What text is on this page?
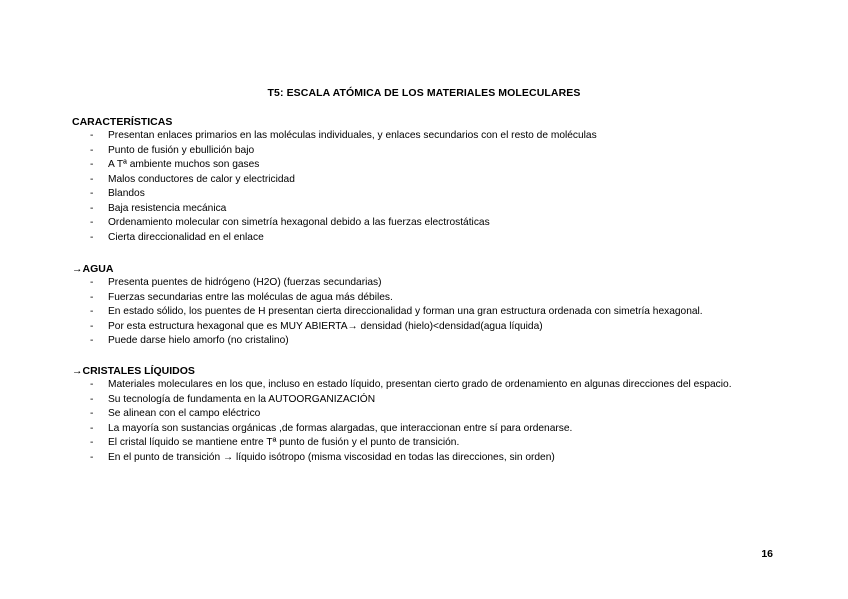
T5: ESCALA ATÓMICA DE LOS MATERIALES MOLECULARES
CARACTERÍSTICAS
- Presentan enlaces primarios en las moléculas individuales, y enlaces secundarios con el resto de moléculas
- Punto de fusión y ebullición bajo
- A Tª ambiente muchos son gases
- Malos conductores de calor y electricidad
- Blandos
- Baja resistencia mecánica
- Ordenamiento molecular con simetría hexagonal debido a las fuerzas electrostáticas
- Cierta direccionalidad en el enlace
→AGUA
- Presenta puentes de hidrógeno (H2O) (fuerzas secundarias)
- Fuerzas secundarias entre las moléculas de agua más débiles.
- En estado sólido, los puentes de H presentan cierta direccionalidad y forman una gran estructura ordenada con simetría hexagonal.
- Por esta estructura hexagonal que es MUY ABIERTA→ densidad (hielo)<densidad(agua líquida)
- Puede darse hielo amorfo (no cristalino)
→CRISTALES LÍQUIDOS
- Materiales moleculares en los que, incluso en estado líquido, presentan cierto grado de ordenamiento en algunas direcciones del espacio.
- Su tecnología de fundamenta en la AUTOORGANIZACIÓN
- Se alinean con el campo eléctrico
- La mayoría son sustancias orgánicas ,de formas alargadas, que interaccionan entre sí para ordenarse.
- El cristal líquido se mantiene entre Tª punto de fusión y el punto de transición.
- En el punto de transición → líquido isótropo (misma viscosidad en todas las direcciones, sin orden)
16
